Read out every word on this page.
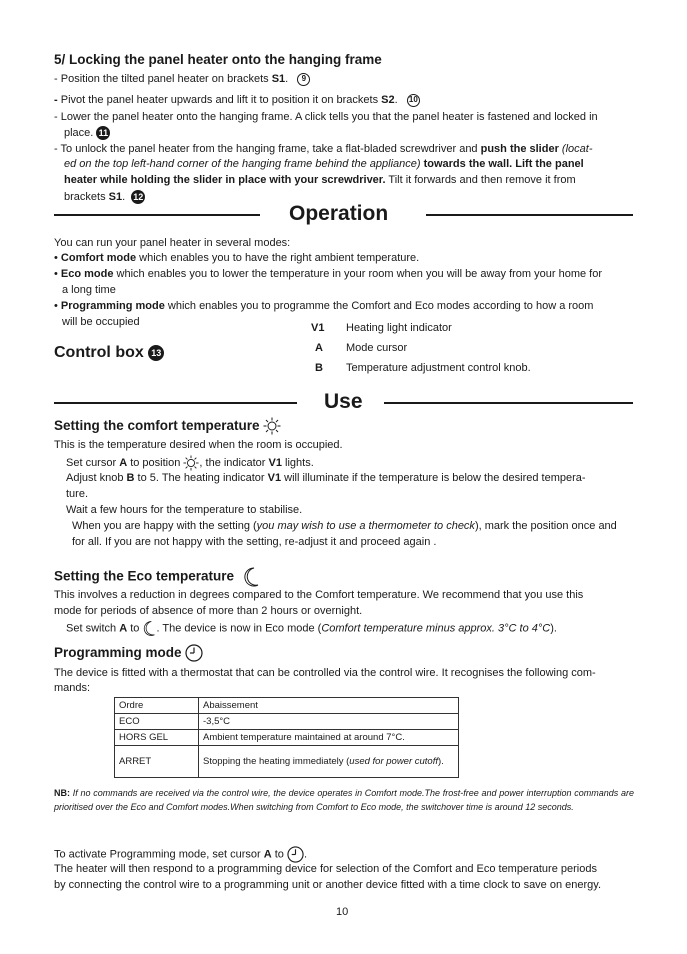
5/ Locking the panel heater onto the hanging frame
- Position the tilted panel heater on brackets S1. 9
- Pivot the panel heater upwards and lift it to position it on brackets S2. 10
- Lower the panel heater onto the hanging frame. A click tells you that the panel heater is fastened and locked in
place. 11
- To unlock the panel heater from the hanging frame, take a flat-bladed screwdriver and push the slider (locat-
ed on the top left-hand corner of the hanging frame behind the appliance) towards the wall. Lift the panel
heater while holding the slider in place with your screwdriver. Tilt it forwards and then remove it from
brackets S1. 12
Operation
You can run your panel heater in several modes:
• Comfort mode which enables you to have the right ambient temperature.
• Eco mode which enables you to lower the temperature in your room when you will be away from your home for
a long time
• Programming mode which enables you to programme the Comfort and Eco modes according to how a room
will be occupied
Control box 13
V1 Heating light indicator
A Mode cursor
B Temperature adjustment control knob.
Use
Setting the comfort temperature
This is the temperature desired when the room is occupied.
Set cursor A to position , the indicator V1 lights.
Adjust knob B to 5. The heating indicator V1 will illuminate if the temperature is below the desired tempera-
ture.
Wait a few hours for the temperature to stabilise.
When you are happy with the setting (you may wish to use a thermometer to check), mark the position once and
for all. If you are not happy with the setting, re-adjust it and proceed again .
Setting the Eco temperature
This involves a reduction in degrees compared to the Comfort temperature. We recommend that you use this
mode for periods of absence of more than 2 hours or overnight.
Set switch A to . The device is now in Eco mode (Comfort temperature minus approx. 3°C to 4°C).
Programming mode
The device is fitted with a thermostat that can be controlled via the control wire. It recognises the following com-
mands:
Ordre	Abaissement
ECO	-3,5°C
HORS GEL	Ambient temperature maintained at around 7°C.
ARRET	Stopping the heating immediately (used for power cutoff).
NB: If no commands are received via the control wire, the device operates in Comfort mode.The frost-free and power interruption commands are prioritised over the Eco and Comfort modes.When switching from Comfort to Eco mode, the switchover time is around 12 seconds.
To activate Programming mode, set cursor A to .
The heater will then respond to a programming device for selection of the Comfort and Eco temperature periods
by connecting the control wire to a programming unit or another device fitted with a time clock to save on energy.
10
